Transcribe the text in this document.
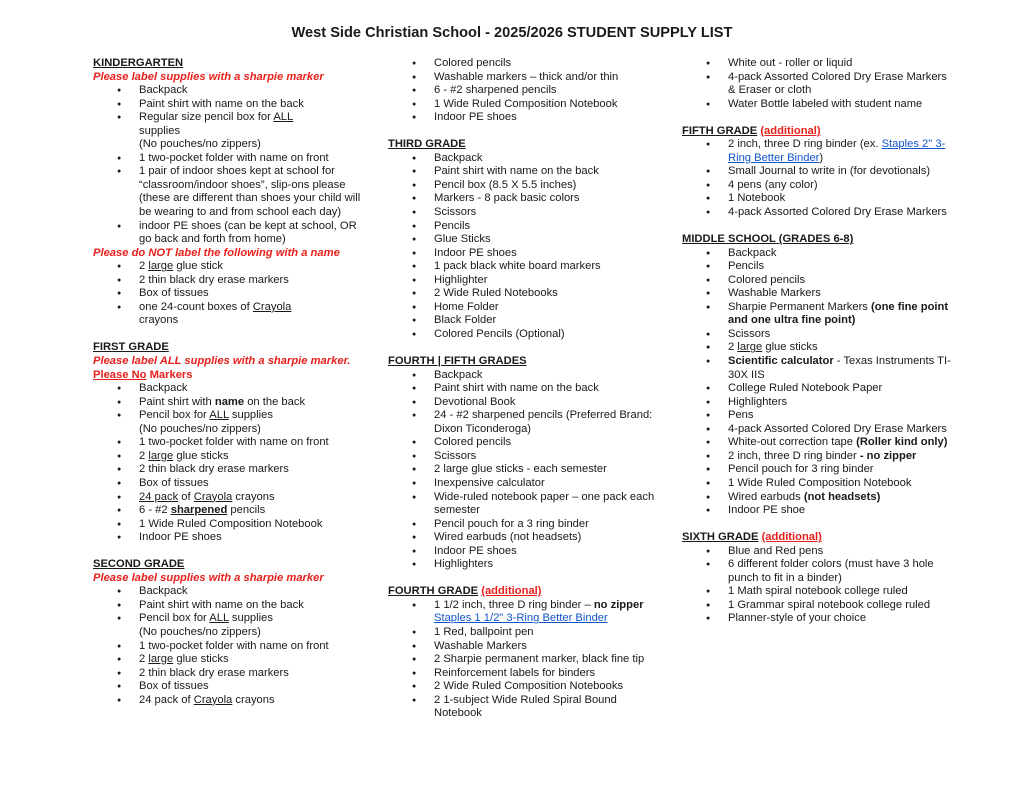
West Side Christian School - 2025/2026 STUDENT SUPPLY LIST
KINDERGARTEN
Please label supplies with a sharpie marker
● Backpack
● Paint shirt with name on the back
● Regular size pencil box for ALL
supplies
(No pouches/no zippers)
● 1 two-pocket folder with name on front
● 1 pair of indoor shoes kept at school for “classroom/indoor shoes”, slip-ons please (these are different than shoes your child will be wearing to and from school each day)
● indoor PE shoes (can be kept at school, OR go back and forth from home)
Please do NOT label the following with a name
● 2 large glue stick
● 2 thin black dry erase markers
● Box of tissues
● one 24-count boxes of Crayola
crayons
FIRST GRADE
Please label ALL supplies with a sharpie marker. Please No Markers
● Backpack
● Paint shirt with name on the back
● Pencil box for ALL supplies
(No pouches/no zippers)
● 1 two-pocket folder with name on front
● 2 large glue sticks
● 2 thin black dry erase markers
● Box of tissues
● 24 pack of Crayola crayons
● 6 - #2 sharpened pencils
● 1 Wide Ruled Composition Notebook
● Indoor PE shoes
SECOND GRADE
Please label supplies with a sharpie marker
● Backpack
● Paint shirt with name on the back
● Pencil box for ALL supplies
(No pouches/no zippers)
● 1 two-pocket folder with name on front
● 2 large glue sticks
● 2 thin black dry erase markers
● Box of tissues
● 24 pack of Crayola crayons
● Colored pencils
● Washable markers – thick and/or thin
● 6 - #2 sharpened pencils
● 1 Wide Ruled Composition Notebook
● Indoor PE shoes
THIRD GRADE
● Backpack
● Paint shirt with name on the back
● Pencil box (8.5 X 5.5 inches)
● Markers - 8 pack basic colors
● Scissors
● Pencils
● Glue Sticks
● Indoor PE shoes
● 1 pack black white board markers
● Highlighter
● 2 Wide Ruled Notebooks
● Home Folder
● Black Folder
● Colored Pencils (Optional)
FOURTH | FIFTH GRADES
● Backpack
● Paint shirt with name on the back
● Devotional Book
● 24 - #2 sharpened pencils (Preferred Brand: Dixon Ticonderoga)
● Colored pencils
● Scissors
● 2 large glue sticks - each semester
● Inexpensive calculator
● Wide-ruled notebook paper – one pack each semester
● Pencil pouch for a 3 ring binder
● Wired earbuds (not headsets)
● Indoor PE shoes
● Highlighters
FOURTH GRADE (additional)
● 1 1/2 inch, three D ring binder – no zipper Staples 1 1/2" 3-Ring Better Binder
● 1 Red, ballpoint pen
● Washable Markers
● 2 Sharpie permanent marker, black fine tip
● Reinforcement labels for binders
● 2 Wide Ruled Composition Notebooks
● 2 1-subject Wide Ruled Spiral Bound Notebook
● White out - roller or liquid
● 4-pack Assorted Colored Dry Erase Markers & Eraser or cloth
● Water Bottle labeled with student name
FIFTH GRADE (additional)
● 2 inch, three D ring binder (ex. Staples 2" 3-Ring Better Binder)
● Small Journal to write in (for devotionals)
● 4 pens (any color)
● 1 Notebook
● 4-pack Assorted Colored Dry Erase Markers
MIDDLE SCHOOL (GRADES 6-8)
● Backpack
● Pencils
● Colored pencils
● Washable Markers
● Sharpie Permanent Markers (one fine point and one ultra fine point)
● Scissors
● 2 large glue sticks
● Scientific calculator - Texas Instruments TI-30X IIS
● College Ruled Notebook Paper
● Highlighters
● Pens
● 4-pack Assorted Colored Dry Erase Markers
● White-out correction tape (Roller kind only)
● 2 inch, three D ring binder - no zipper
● Pencil pouch for 3 ring binder
● 1 Wide Ruled Composition Notebook
● Wired earbuds (not headsets)
● Indoor PE shoe
SIXTH GRADE (additional)
● Blue and Red pens
● 6 different folder colors (must have 3 hole punch to fit in a binder)
● 1 Math spiral notebook college ruled
● 1 Grammar spiral notebook college ruled
● Planner-style of your choice
